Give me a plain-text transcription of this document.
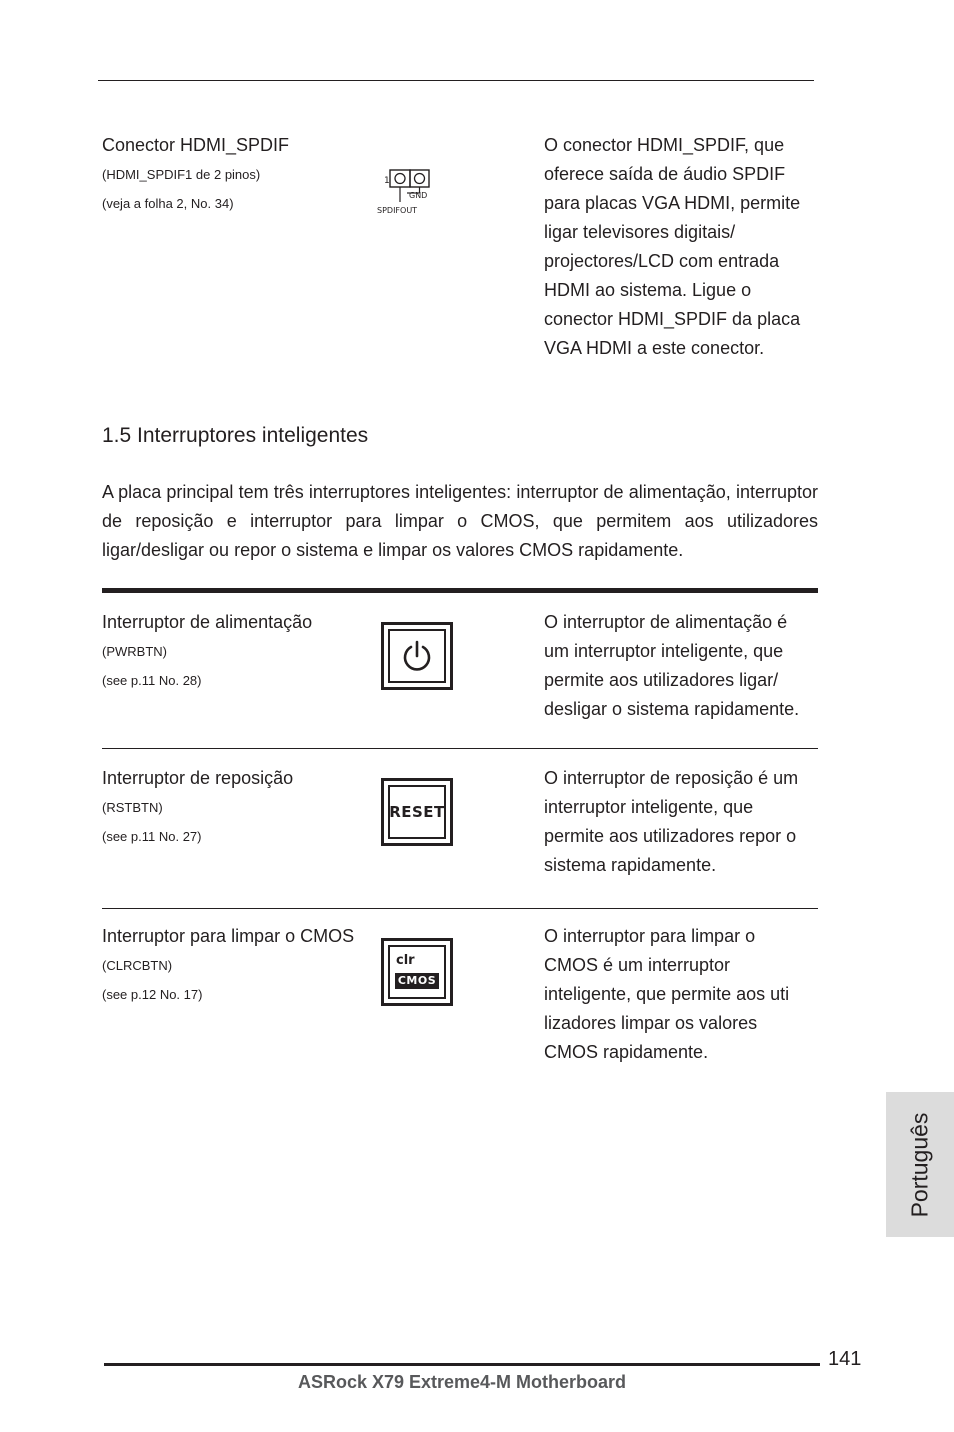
Conector HDMI_SPDIF
(HDMI_SPDIF1 de 2 pinos)
(veja a folha 2, No. 34)
1
GND
SPDIFOUT
O conector HDMI_SPDIF, que
oferece saída de áudio SPDIF
para placas VGA HDMI, permite
ligar televisores digitais/
projectores/LCD com entrada
HDMI ao sistema. Ligue o
conector HDMI_SPDIF da placa
VGA HDMI a este conector.
1.5 Interruptores inteligentes
A placa principal tem três interruptores inteligentes: interruptor de alimentação, interruptor de reposição e interruptor para limpar o CMOS, que permitem aos utilizadores ligar/desligar ou repor o sistema e limpar os valores CMOS rapidamente.
Interruptor de alimentação
(PWRBTN)
(see p.11 No. 28)
O interruptor de alimentação é
um interruptor inteligente, que
permite aos utilizadores ligar/
desligar o sistema rapidamente.
Interruptor de reposição
(RSTBTN)
(see p.11 No. 27)
RESET
O interruptor de reposição é um
interruptor inteligente, que
permite aos utilizadores repor o
sistema rapidamente.
Interruptor para limpar o CMOS
(CLRCBTN)
(see p.12 No. 17)
clr
CMOS
O interruptor para limpar o
CMOS é um interruptor
inteligente, que permite aos uti
lizadores limpar os valores
CMOS rapidamente.
Português
141
ASRock X79 Extreme4-M Motherboard
